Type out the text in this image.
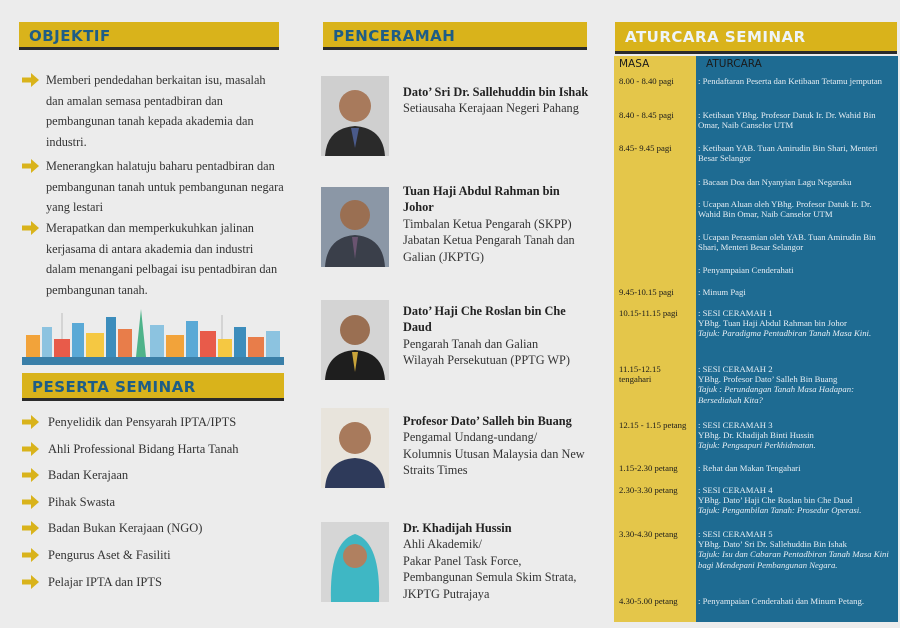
OBJEKTIF
Memberi pendedahan berkaitan isu, masalah dan amalan semasa pentadbiran dan pembangunan tanah kepada akademia dan industri.
Menerangkan halatuju baharu pentadbiran dan pembangunan tanah untuk pembangunan negara yang lestari
Merapatkan dan memperkukuhkan jalinan kerjasama di antara akademia dan industri dalam menangani pelbagai isu pentadbiran dan pembangunan tanah.
PESERTA SEMINAR
Penyelidik dan Pensyarah IPTA/IPTS
Ahli Professional Bidang Harta Tanah
Badan Kerajaan
Pihak Swasta
Badan Bukan Kerajaan (NGO)
Pengurus Aset & Fasiliti
Pelajar IPTA dan IPTS
PENCERAMAH
Dato’ Sri Dr. Sallehuddin bin Ishak
Setiausaha Kerajaan Negeri Pahang
Tuan Haji Abdul Rahman bin Johor
Timbalan Ketua Pengarah (SKPP)
Jabatan Ketua Pengarah Tanah dan Galian (JKPTG)
Dato’ Haji Che Roslan bin Che Daud
Pengarah Tanah dan Galian
Wilayah Persekutuan (PPTG WP)
Profesor Dato’ Salleh bin Buang
Pengamal Undang-undang/
Kolumnis Utusan Malaysia dan New Straits Times
Dr. Khadijah Hussin
Ahli Akademik/
Pakar Panel Task Force, Pembangunan Semula Skim Strata, JKPTG Putrajaya
ATURCARA SEMINAR
MASA	ATURCARA
8.00 - 8.40 pagi	: Pendaftaran Peserta dan Ketibaan Tetamu jemputan
8.40 - 8.45 pagi	: Ketibaan YBhg. Profesor Datuk Ir. Dr. Wahid Bin Omar, Naib Canselor UTM
8.45- 9.45 pagi	: Ketibaan YAB. Tuan Amirudin Bin Shari, Menteri Besar Selangor
: Bacaan Doa dan Nyanyian Lagu Negaraku
: Ucapan Aluan oleh YBhg. Profesor Datuk Ir. Dr. Wahid Bin Omar, Naib Canselor UTM
: Ucapan Perasmian oleh YAB. Tuan Amirudin Bin Shari, Menteri Besar Selangor
: Penyampaian Cenderahati
9.45-10.15 pagi	: Minum Pagi
10.15-11.15 pagi	: SESI CERAMAH 1
YBhg. Tuan Haji Abdul Rahman bin Johor
Tajuk: Paradigma Pentadbiran Tanah Masa Kini.
11.15-12.15 tengahari
: SESI CERAMAH 2
YBhg. Profesor Dato’ Salleh Bin Buang
Tajuk : Perundangan Tanah Masa Hadapan: Bersediakah Kita?
12.15 - 1.15 petang	: SESI CERAMAH 3
YBhg. Dr. Khadijah Binti Hussin
Tajuk: Pengsapuri Perkhidmatan.
1.15-2.30 petang	: Rehat dan Makan Tengahari
2.30-3.30 petang	: SESI CERAMAH 4
YBhg. Dato’ Haji Che Roslan bin Che Daud
Tajuk: Pengambilan Tanah: Prosedur Operasi.
3.30-4.30 petang	: SESI CERAMAH 5
YBhg. Dato’ Sri Dr. Sallehuddin Bin Ishak
Tajuk: Isu dan Cabaran Pentadbiran Tanah Masa Kini bagi Mendepani Pembangunan Negara.
4.30-5.00 petang	: Penyampaian Cenderahati dan Minum Petang.
